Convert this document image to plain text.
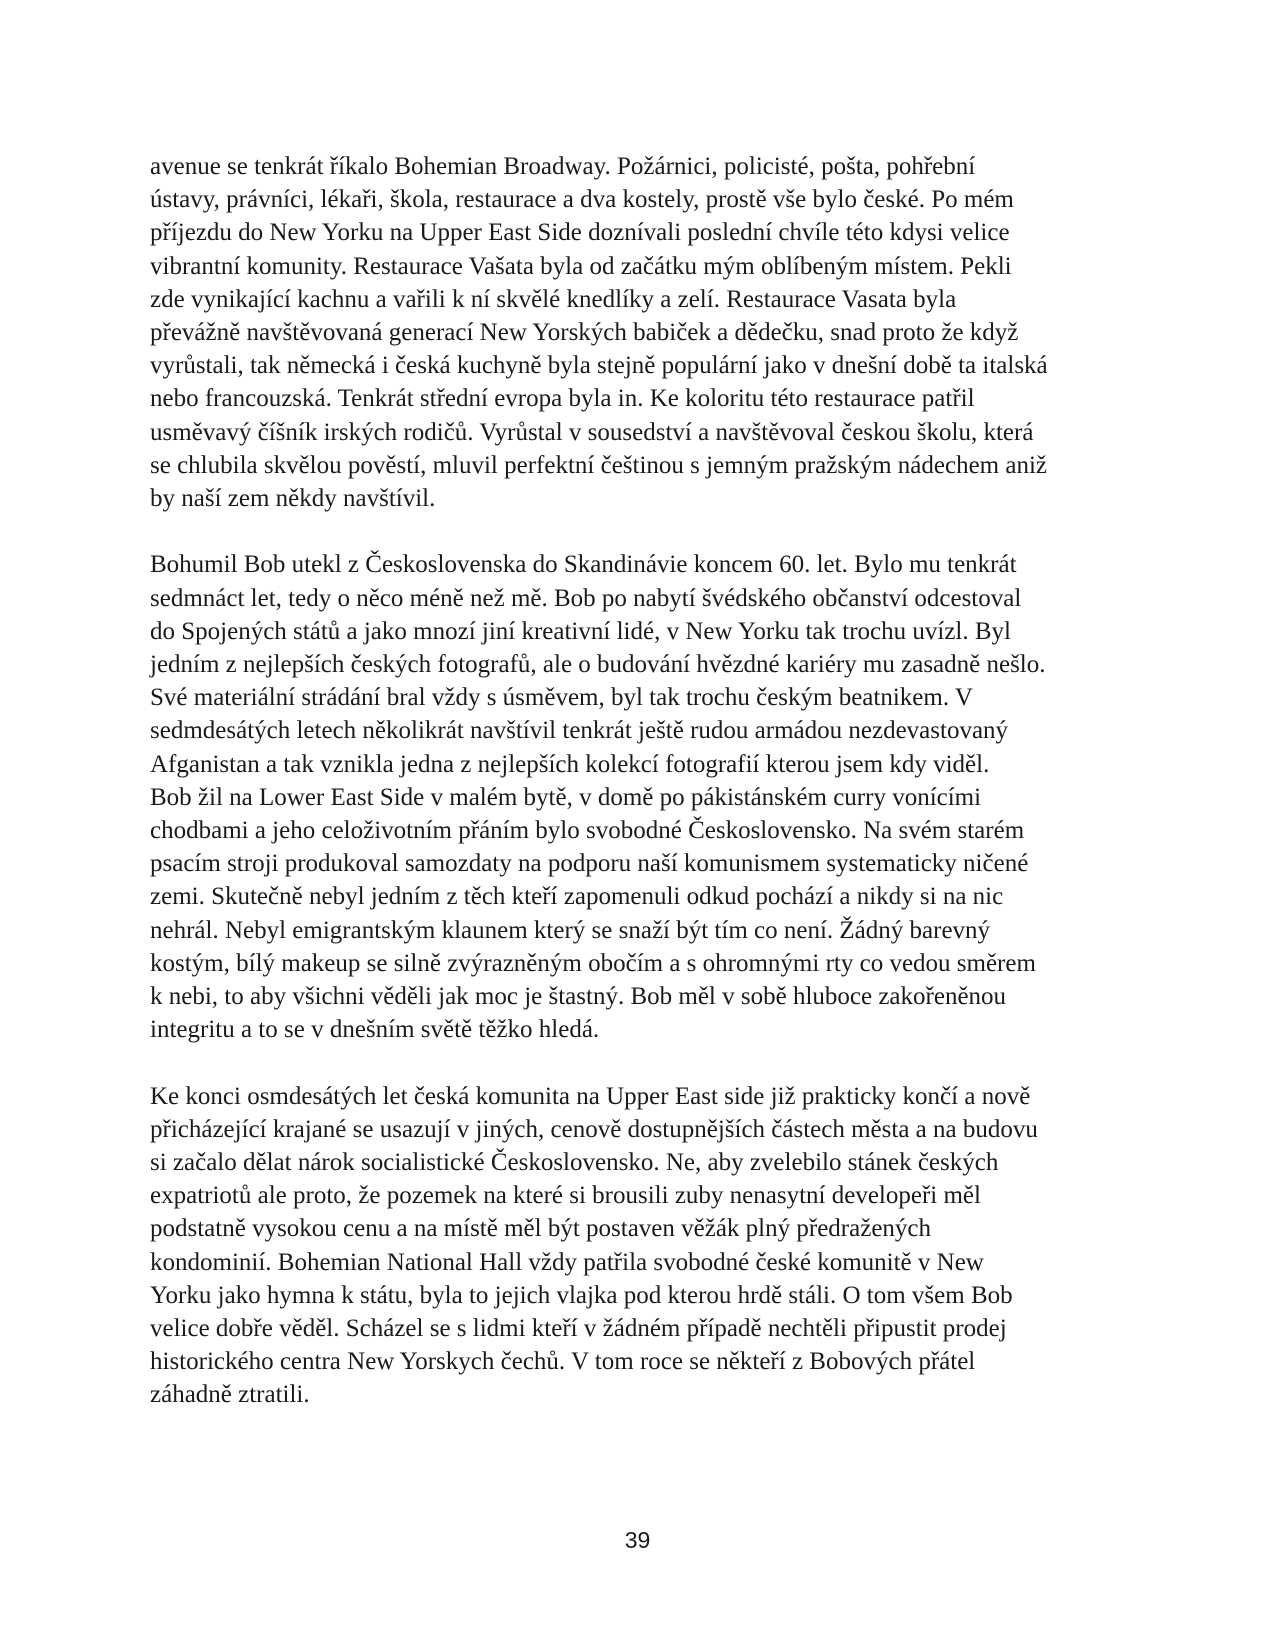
avenue se tenkrát říkalo Bohemian Broadway. Požárnici, policisté, pošta, pohřební
ústavy, právníci, lékaři, škola, restaurace a dva kostely, prostě vše bylo české. Po mém
příjezdu do New Yorku na Upper East Side doznívali poslední chvíle této kdysi velice
vibrantní komunity. Restaurace Vašata byla od začátku mým oblíbeným místem. Pekli
zde vynikající kachnu a vařili k ní skvělé knedlíky a zelí. Restaurace Vasata byla
převážně navštěvovaná generací New Yorských babiček a dědečku, snad proto že když
vyrůstali, tak německá i česká kuchyně byla stejně populární jako v dnešní době ta italská
nebo francouzská. Tenkrát střední evropa byla in. Ke koloritu této restaurace patřil
usměvavý číšník irských rodičů. Vyrůstal v sousedství a navštěvoval českou školu, která
se chlubila skvělou pověstí, mluvil perfektní češtinou s jemným pražským nádechem aniž
by naší zem někdy navštívil.

Bohumil Bob utekl z Československa do Skandinávie koncem 60. let. Bylo mu tenkrát
sedmnáct let, tedy o něco méně než mě. Bob po nabytí švédského občanství odcestoval
do Spojených států a jako mnozí jiní kreativní lidé, v New Yorku tak trochu uvízl. Byl
jedním z nejlepších českých fotografů, ale o budování hvězdné kariéry mu zasadně nešlo.
Své materiální strádání bral vždy s úsměvem, byl tak trochu českým beatnikem. V
sedmdesátých letech několikrát navštívil tenkrát ještě rudou armádou nezdevastovaný
Afganistan a tak vznikla jedna z nejlepších kolekcí fotografií kterou jsem kdy viděl.
Bob žil na Lower East Side v malém bytě, v domě po pákistánském curry vonícími
chodbami a jeho celoživotním přáním bylo svobodné Československo. Na svém starém
psacím stroji produkoval samozdaty na podporu naší komunismem systematicky ničené
zemi. Skutečně nebyl jedním z těch kteří zapomenuli odkud pochází a nikdy si na nic
nehrál. Nebyl emigrantským klaunem který se snaží být tím co není. Žádný barevný
kostým, bílý makeup se silně zvýrazněným obočím a s ohromnými rty co vedou směrem
k nebi, to aby všichni věděli jak moc je štastný. Bob měl v sobě hluboce zakořeněnou
integritu a to se v dnešním světě těžko hledá.

Ke konci osmdesátých let česká komunita na Upper East side již prakticky končí a nově
přicházející krajané se usazují v jiných, cenově dostupnějších částech města a na budovu
si začalo dělat nárok socialistické Československo. Ne, aby zvelebilo stánek českých
expatriotů ale proto, že pozemek na které si brousili zuby nenasytní developeři měl
podstatně vysokou cenu a na místě měl být postaven věžák plný předražených
kondominií. Bohemian National Hall vždy patřila svobodné české komunitě v New
Yorku jako hymna k státu, byla to jejich vlajka pod kterou hrdě stáli. O tom všem Bob
velice dobře věděl. Scházel se s lidmi kteří v žádném případě nechtěli připustit prodej
historického centra New Yorskych čechů. V tom roce se někteří z Bobových přátel
záhadně ztratili.

39
